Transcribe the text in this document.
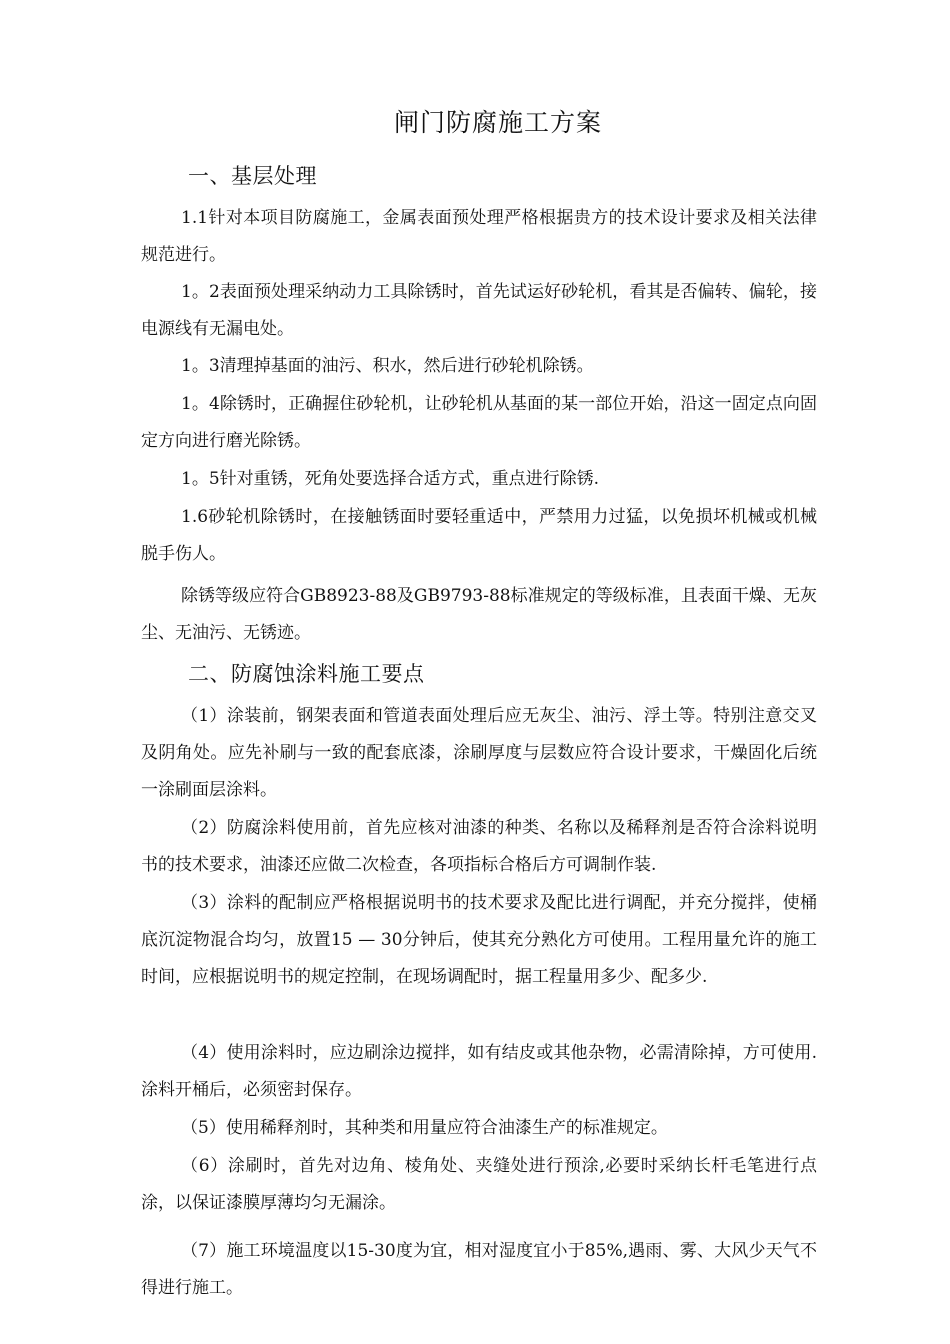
闸门防腐施工方案
一、基层处理
1.1针对本项目防腐施工，金属表面预处理严格根据贵方的技术设计要求及相关法律规范进行。
1。2表面预处理采纳动力工具除锈时，首先试运好砂轮机，看其是否偏转、偏轮，接电源线有无漏电处。
1。3清理掉基面的油污、积水，然后进行砂轮机除锈。
1。4除锈时，正确握住砂轮机，让砂轮机从基面的某一部位开始，沿这一固定点向固定方向进行磨光除锈。
1。5针对重锈，死角处要选择合适方式，重点进行除锈.
1.6砂轮机除锈时，在接触锈面时要轻重适中，严禁用力过猛，以免损坏机械或机械脱手伤人。
除锈等级应符合GB8923-88及GB9793-88标准规定的等级标准，且表面干燥、无灰尘、无油污、无锈迹。
二、防腐蚀涂料施工要点
（1）涂装前，钢架表面和管道表面处理后应无灰尘、油污、浮土等。特别注意交叉及阴角处。应先补刷与一致的配套底漆，涂刷厚度与层数应符合设计要求，干燥固化后统一涂刷面层涂料。
（2）防腐涂料使用前，首先应核对油漆的种类、名称以及稀释剂是否符合涂料说明书的技术要求，油漆还应做二次检查，各项指标合格后方可调制作装.
（3）涂料的配制应严格根据说明书的技术要求及配比进行调配，并充分搅拌，使桶底沉淀物混合均匀，放置15 — 30分钟后，使其充分熟化方可使用。工程用量允许的施工时间，应根据说明书的规定控制，在现场调配时，据工程量用多少、配多少.
（4）使用涂料时，应边刷涂边搅拌，如有结皮或其他杂物，必需清除掉，方可使用.涂料开桶后，必须密封保存。
（5）使用稀释剂时，其种类和用量应符合油漆生产的标准规定。
（6）涂刷时，首先对边角、棱角处、夹缝处进行预涂,必要时采纳长杆毛笔进行点涂，以保证漆膜厚薄均匀无漏涂。
（7）施工环境温度以15-30度为宜，相对湿度宜小于85%,遇雨、雾、大风少天气不得进行施工。
